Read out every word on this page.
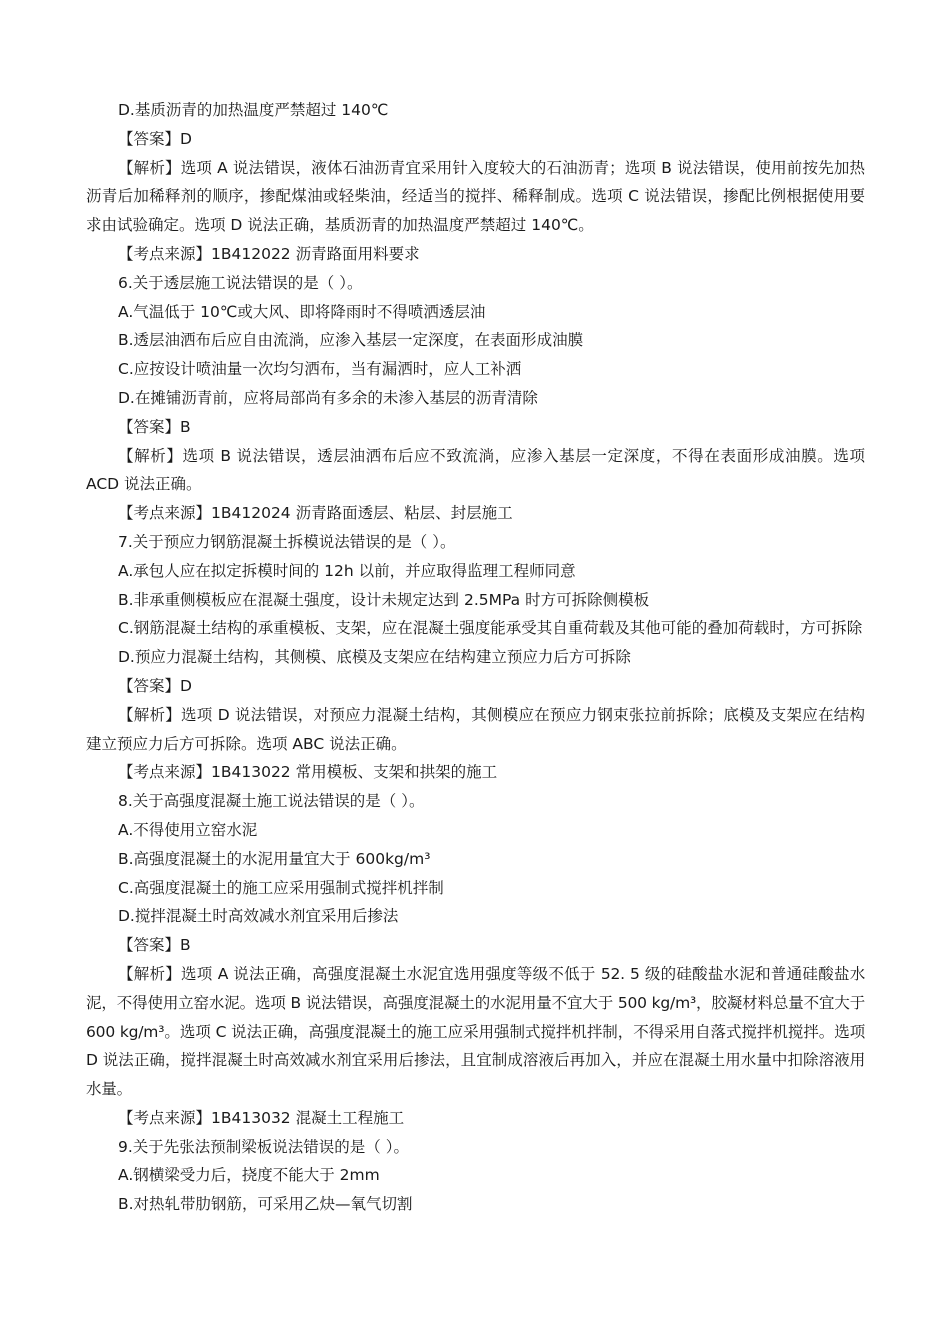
D.基质沥青的加热温度严禁超过 140℃

【答案】D

【解析】选项 A 说法错误，液体石油沥青宜采用针入度较大的石油沥青；选项 B 说法错误，使用前按先加热沥青后加稀释剂的顺序，掺配煤油或轻柴油，经适当的搅拌、稀释制成。选项 C 说法错误，掺配比例根据使用要求由试验确定。选项 D 说法正确，基质沥青的加热温度严禁超过 140℃。

【考点来源】1B412022 沥青路面用料要求

6.关于透层施工说法错误的是（ ）。

A.气温低于 10℃或大风、即将降雨时不得喷洒透层油

B.透层油洒布后应自由流淌，应渗入基层一定深度，在表面形成油膜

C.应按设计喷油量一次均匀洒布，当有漏洒时，应人工补洒

D.在摊铺沥青前，应将局部尚有多余的未渗入基层的沥青清除

【答案】B

【解析】选项 B 说法错误，透层油洒布后应不致流淌，应渗入基层一定深度，不得在表面形成油膜。选项 ACD 说法正确。

【考点来源】1B412024 沥青路面透层、粘层、封层施工

7.关于预应力钢筋混凝土拆模说法错误的是（ ）。

A.承包人应在拟定拆模时间的 12h 以前，并应取得监理工程师同意

B.非承重侧模板应在混凝土强度，设计未规定达到 2.5MPa 时方可拆除侧模板

C.钢筋混凝土结构的承重模板、支架，应在混凝土强度能承受其自重荷载及其他可能的叠加荷载时，方可拆除

D.预应力混凝土结构，其侧模、底模及支架应在结构建立预应力后方可拆除

【答案】D

【解析】选项 D 说法错误，对预应力混凝土结构，其侧模应在预应力钢束张拉前拆除；底模及支架应在结构建立预应力后方可拆除。选项 ABC 说法正确。

【考点来源】1B413022 常用模板、支架和拱架的施工

8.关于高强度混凝土施工说法错误的是（ ）。

A.不得使用立窑水泥

B.高强度混凝土的水泥用量宜大于 600kg/m³

C.高强度混凝土的施工应采用强制式搅拌机拌制

D.搅拌混凝土时高效减水剂宜采用后掺法

【答案】B

【解析】选项 A 说法正确，高强度混凝土水泥宜选用强度等级不低于 52. 5 级的硅酸盐水泥和普通硅酸盐水泥，不得使用立窑水泥。选项 B 说法错误，高强度混凝土的水泥用量不宜大于 500 kg/m³，胶凝材料总量不宜大于 600 kg/m³。选项 C 说法正确，高强度混凝土的施工应采用强制式搅拌机拌制，不得采用自落式搅拌机搅拌。选项 D 说法正确，搅拌混凝土时高效减水剂宜采用后掺法，且宜制成溶液后再加入，并应在混凝土用水量中扣除溶液用水量。

【考点来源】1B413032 混凝土工程施工

9.关于先张法预制梁板说法错误的是（ ）。

A.钢横梁受力后，挠度不能大于 2mm

B.对热轧带肋钢筋，可采用乙炔—氧气切割
